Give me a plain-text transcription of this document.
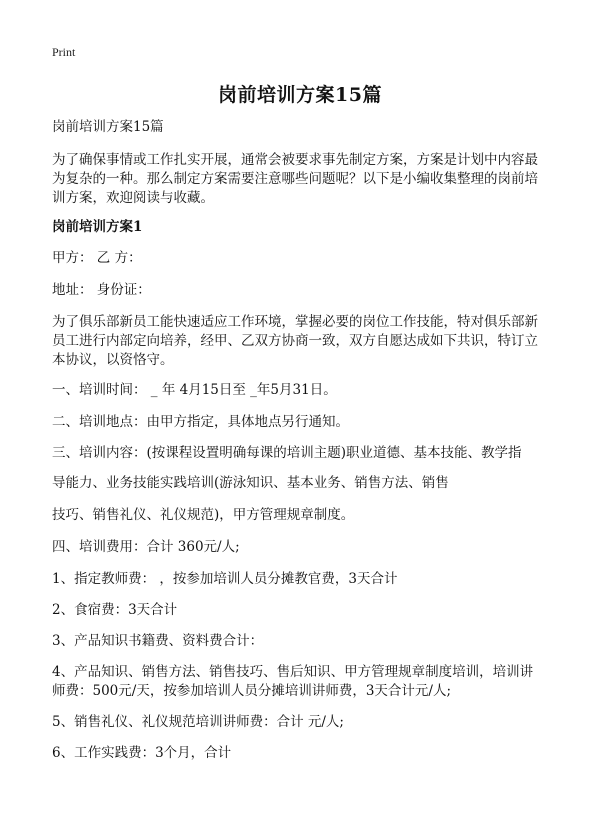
Print
岗前培训方案15篇
岗前培训方案15篇
为了确保事情或工作扎实开展，通常会被要求事先制定方案，方案是计划中内容最
为复杂的一种。那么制定方案需要注意哪些问题呢？以下是小编收集整理的岗前培
训方案，欢迎阅读与收藏。
岗前培训方案1
甲方： 乙 方：
地址： 身份证：
为了俱乐部新员工能快速适应工作环境，掌握必要的岗位工作技能，特对俱乐部新
员工进行内部定向培养，经甲、乙双方协商一致，双方自愿达成如下共识，特订立
本协议，以资恪守。
一、培训时间： _ 年 4月15日至 _年5月31日。
二、培训地点：由甲方指定，具体地点另行通知。
三、培训内容：(按课程设置明确每课的培训主题)职业道德、基本技能、教学指
导能力、业务技能实践培训(游泳知识、基本业务、销售方法、销售
技巧、销售礼仪、礼仪规范)，甲方管理规章制度。
四、培训费用：合计 360元/人;
1、指定教师费： ，按参加培训人员分摊教官费，3天合计
2、食宿费：3天合计
3、产品知识书籍费、资料费合计：
4、产品知识、销售方法、销售技巧、售后知识、甲方管理规章制度培训，培训讲
师费：500元/天，按参加培训人员分摊培训讲师费，3天合计元/人;
5、销售礼仪、礼仪规范培训讲师费：合计 元/人;
6、工作实践费：3个月，合计
